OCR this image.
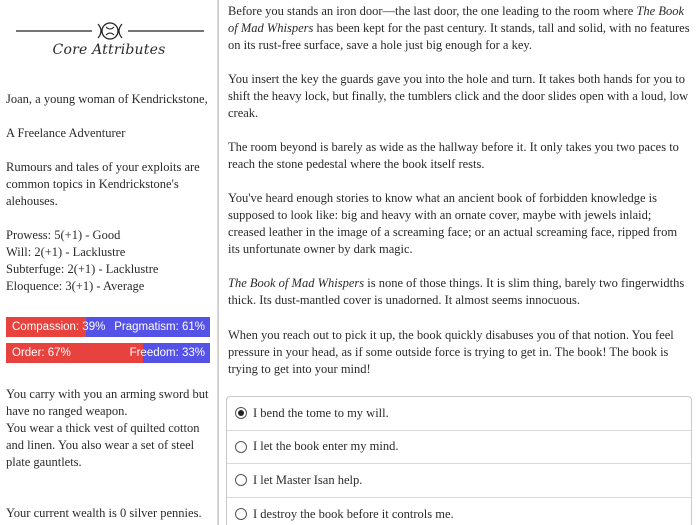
Core Attributes
Joan, a young woman of Kendrickstone,
A Freelance Adventurer
Rumours and tales of your exploits are common topics in Kendrickstone's alehouses.
Prowess: 5(+1) - Good
Will: 2(+1) - Lacklustre
Subterfuge: 2(+1) - Lacklustre
Eloquence: 3(+1) - Average
Compassion: 39% Pragmatism: 61%
Order: 67%	Freedom: 33%
You carry with you an arming sword but have no ranged weapon.
You wear a thick vest of quilted cotton and linen. You also wear a set of steel plate gauntlets.
Your current wealth is 0 silver pennies.
Before you stands an iron door—the last door, the one leading to the room where The Book of Mad Whispers has been kept for the past century. It stands, tall and solid, with no features on its rust-free surface, save a hole just big enough for a key.
You insert the key the guards gave you into the hole and turn. It takes both hands for you to shift the heavy lock, but finally, the tumblers click and the door slides open with a loud, low creak.
The room beyond is barely as wide as the hallway before it. It only takes you two paces to reach the stone pedestal where the book itself rests.
You've heard enough stories to know what an ancient book of forbidden knowledge is supposed to look like: big and heavy with an ornate cover, maybe with jewels inlaid; creased leather in the image of a screaming face; or an actual screaming face, ripped from its unfortunate owner by dark magic.
The Book of Mad Whispers is none of those things. It is slim thing, barely two fingerwidths thick. Its dust-mantled cover is unadorned. It almost seems innocuous.
When you reach out to pick it up, the book quickly disabuses you of that notion. You feel pressure in your head, as if some outside force is trying to get in. The book! The book is trying to get into your mind!
I bend the tome to my will.
I let the book enter my mind.
I let Master Isan help.
I destroy the book before it controls me.
